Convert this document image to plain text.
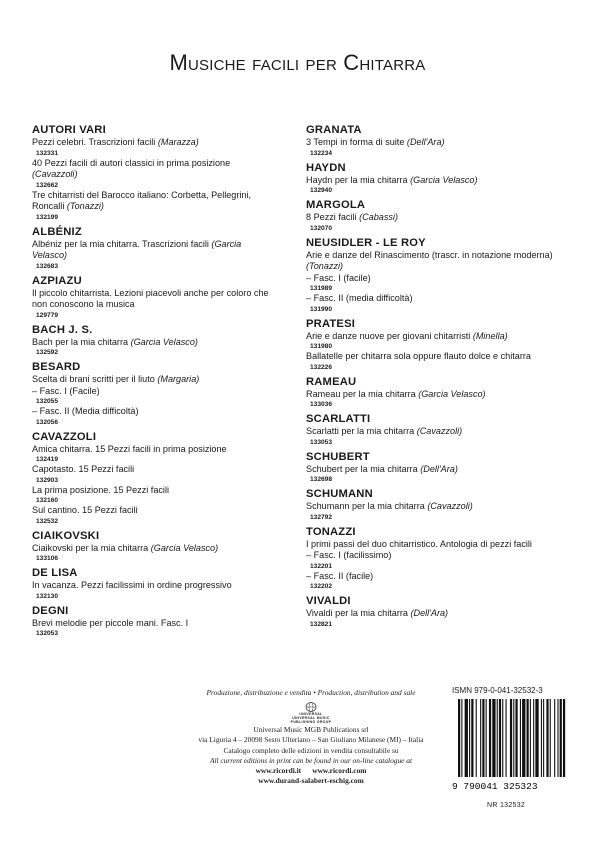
Musiche facili per Chitarra
AUTORI VARI
Pezzi celebri. Trascrizioni facili (Marazza)
132331
40 Pezzi facili di autori classici in prima posizione (Cavazzoli)
132662
Tre chitarristi del Barocco italiano: Corbetta, Pellegrini, Roncalli (Tonazzi)
132199
ALBÉNIZ
Albéniz per la mia chitarra. Trascrizioni facili (Garcia Velasco)
132683
AZPIAZU
Il piccolo chitarrista. Lezioni piacevoli anche per coloro che non conoscono la musica
129779
BACH J. S.
Bach per la mia chitarra (Garcia Velasco)
132592
BESARD
Scelta di brani scritti per il liuto (Margaria)
– Fasc. I (Facile)
132055
– Fasc. II (Media difficoltà)
132056
CAVAZZOLI
Amica chitarra. 15 Pezzi facili in prima posizione
132419
Capotasto. 15 Pezzi facili
132903
La prima posizione. 15 Pezzi facili
132160
Sul cantino. 15 Pezzi facili
132532
CIAIKOVSKI
Ciaikovski per la mia chitarra (Garcia Velasco)
133106
DE LISA
In vacanza. Pezzi facilissimi in ordine progressivo
132130
DEGNI
Brevi melodie per piccole mani. Fasc. I
132053
GRANATA
3 Tempi in forma di suite (Dell'Ara)
132234
HAYDN
Haydn per la mia chitarra (Garcia Velasco)
132940
MARGOLA
8 Pezzi facili (Cabassi)
132070
NEUSIDLER - LE ROY
Arie e danze del Rinascimento (trascr. in notazione moderna) (Tonazzi)
– Fasc. I (facile)
131989
– Fasc. II (media difficoltà)
131990
PRATESI
Arie e danze nuove per giovani chitarristi (Minella)
131980
Ballatelle per chitarra sola oppure flauto dolce e chitarra
132226
RAMEAU
Rameau per la mia chitarra (Garcia Velasco)
133036
SCARLATTI
Scarlatti per la mia chitarra (Cavazzoli)
133053
SCHUBERT
Schubert per la mia chitarra (Dell'Ara)
132698
SCHUMANN
Schumann per la mia chitarra (Cavazzoli)
132792
TONAZZI
I primi passi del duo chitarristico. Antologia di pezzi facili
– Fasc. I (facilissimo)
132201
– Fasc. II (facile)
132202
VIVALDI
Vivaldi per la mia chitarra (Dell'Ara)
132821
Produzione, distribuzione e vendita • Production, distribution and sale
UNIVERSAL
UNIVERSAL MUSIC
PUBLISHING GROUP
Universal Music MGB Publications srl
via Liguria 4 – 20098 Sesto Ulteriano – San Giuliano Milanese (MI) – Italia
Catalogo completo delle edizioni in vendita consultabile su
All current editions in print can be found in our on-line catalogue at
www.ricordi.it      www.ricordi.com
www.durand-salabert-eschig.com
ISMN 979-0-041-32532-3
9 790041 325323
NR 132532
